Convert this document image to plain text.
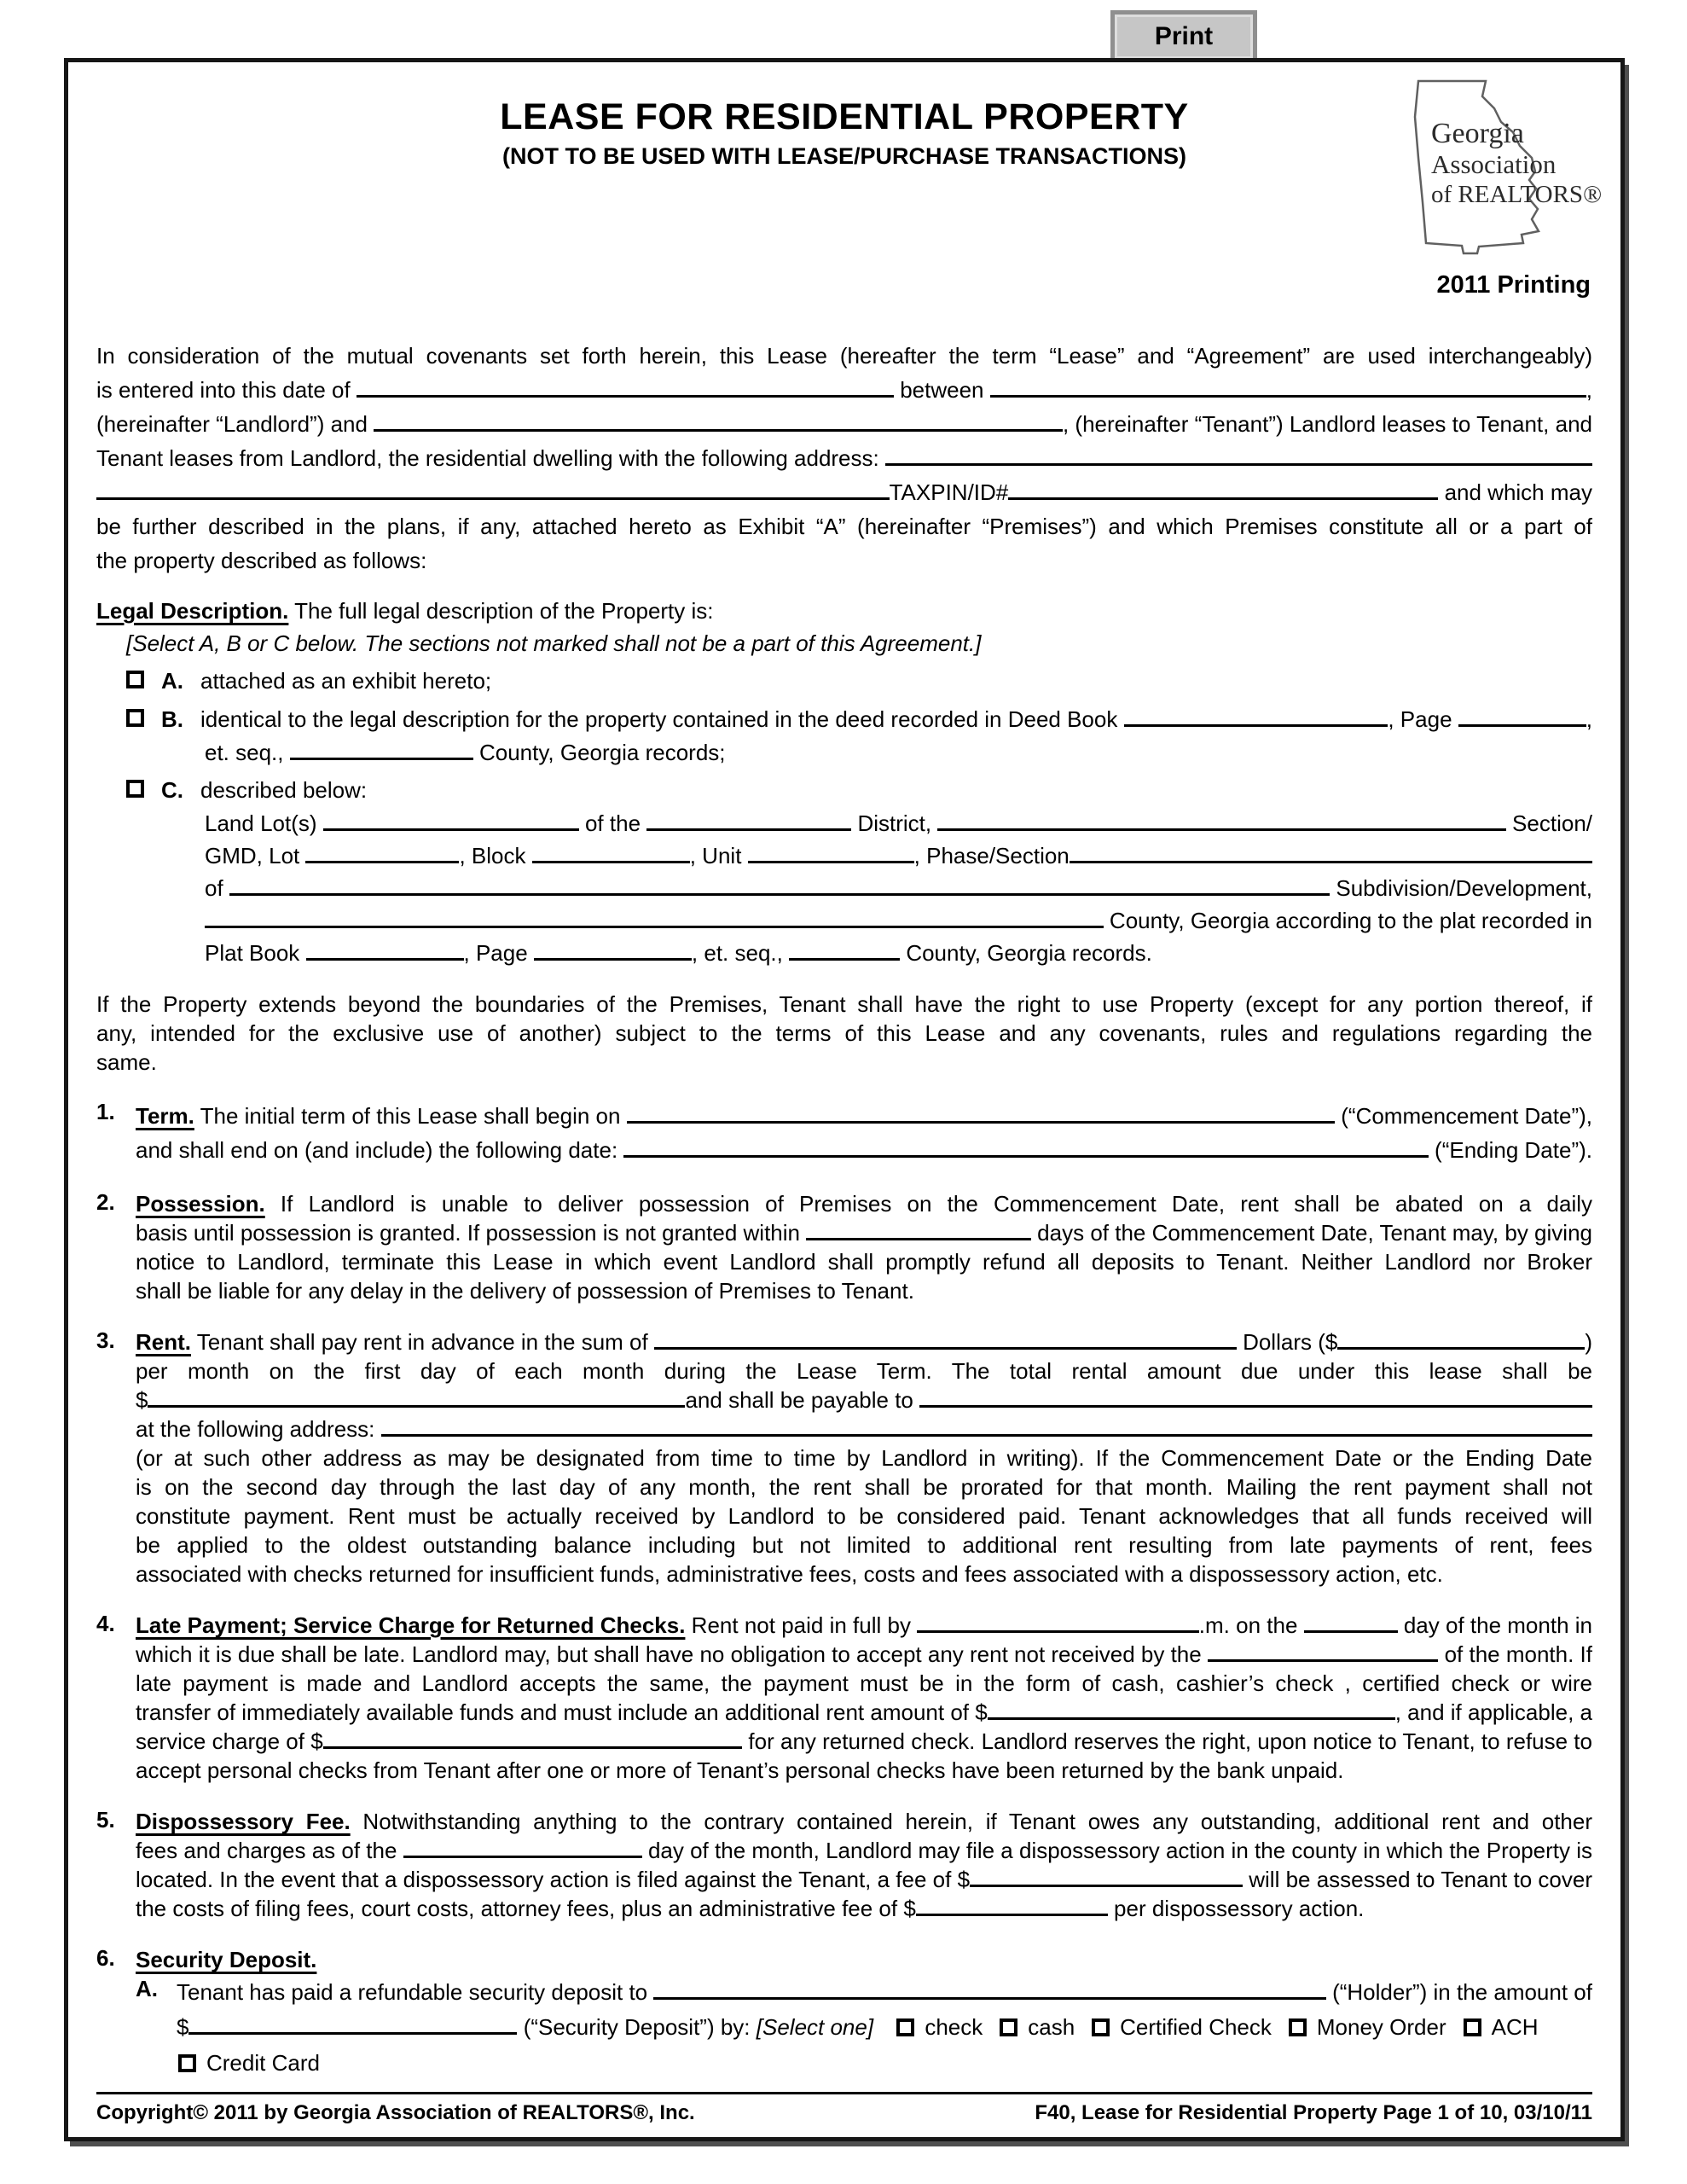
Print
LEASE FOR RESIDENTIAL PROPERTY
(NOT TO BE USED WITH LEASE/PURCHASE TRANSACTIONS)
Georgia
Association
of REALTORS®
2011 Printing
In consideration of the mutual covenants set forth herein, this Lease (hereafter the term “Lease” and “Agreement” are used interchangeably)
is entered into this date of	between	,
(hereinafter “Landlord”) and	, (hereinafter “Tenant”) Landlord leases to Tenant, and
Tenant leases from Landlord, the residential dwelling with the following address:
TAXPIN/ID#	and which may
be further described in the plans, if any, attached hereto as Exhibit “A” (hereinafter “Premises”) and which Premises constitute all or a part of
the property described as follows:
Legal Description. The full legal description of the Property is:
[Select A, B or C below. The sections not marked shall not be a part of this Agreement.]
A. attached as an exhibit hereto;
B. identical to the legal description for the property contained in the deed recorded in Deed Book	, Page	,
et. seq.,	County, Georgia records;
C. described below:
Land Lot(s)	of the	District,	Section/
GMD, Lot	, Block	, Unit	, Phase/Section
of	Subdivision/Development,
County, Georgia according to the plat recorded in
Plat Book	, Page	, et. seq.,	County, Georgia records.
If the Property extends beyond the boundaries of the Premises, Tenant shall have the right to use Property (except for any portion thereof, if
any, intended for the exclusive use of another) subject to the terms of this Lease and any covenants, rules and regulations regarding the
same.
1. Term. The initial term of this Lease shall begin on	(“Commencement Date”),
and shall end on (and include) the following date:	(“Ending Date”).
2. Possession. If Landlord is unable to deliver possession of Premises on the Commencement Date, rent shall be abated on a daily
basis until possession is granted. If possession is not granted within	days of the Commencement Date, Tenant may, by giving
notice to Landlord, terminate this Lease in which event Landlord shall promptly refund all deposits to Tenant. Neither Landlord nor Broker
shall be liable for any delay in the delivery of possession of Premises to Tenant.
3. Rent. Tenant shall pay rent in advance in the sum of	Dollars ($	)
per month on the first day of each month during the Lease Term. The total rental amount due under this lease shall be
$	and shall be payable to
at the following address:
(or at such other address as may be designated from time to time by Landlord in writing). If the Commencement Date or the Ending Date
is on the second day through the last day of any month, the rent shall be prorated for that month. Mailing the rent payment shall not
constitute payment. Rent must be actually received by Landlord to be considered paid. Tenant acknowledges that all funds received will
be applied to the oldest outstanding balance including but not limited to additional rent resulting from late payments of rent, fees
associated with checks returned for insufficient funds, administrative fees, costs and fees associated with a dispossessory action, etc.
4. Late Payment; Service Charge for Returned Checks. Rent not paid in full by	.m. on the	day of the month in
which it is due shall be late. Landlord may, but shall have no obligation to accept any rent not received by the	of the month. If
late payment is made and Landlord accepts the same, the payment must be in the form of cash, cashier’s check , certified check or wire
transfer of immediately available funds and must include an additional rent amount of $	, and if applicable, a
service charge of $	for any returned check. Landlord reserves the right, upon notice to Tenant, to refuse to
accept personal checks from Tenant after one or more of Tenant’s personal checks have been returned by the bank unpaid.
5. Dispossessory Fee. Notwithstanding anything to the contrary contained herein, if Tenant owes any outstanding, additional rent and other
fees and charges as of the	day of the month, Landlord may file a dispossessory action in the county in which the Property is
located. In the event that a dispossessory action is filed against the Tenant, a fee of $	will be assessed to Tenant to cover
the costs of filing fees, court costs, attorney fees, plus an administrative fee of $	per dispossessory action.
6. Security Deposit.
A. Tenant has paid a refundable security deposit to	(“Holder”) in the amount of
$	(“Security Deposit”) by: [Select one] check cash Certified Check Money Order ACH
Credit Card
Copyright© 2011 by Georgia Association of REALTORS®, Inc.	F40, Lease for Residential Property Page 1 of 10, 03/10/11
